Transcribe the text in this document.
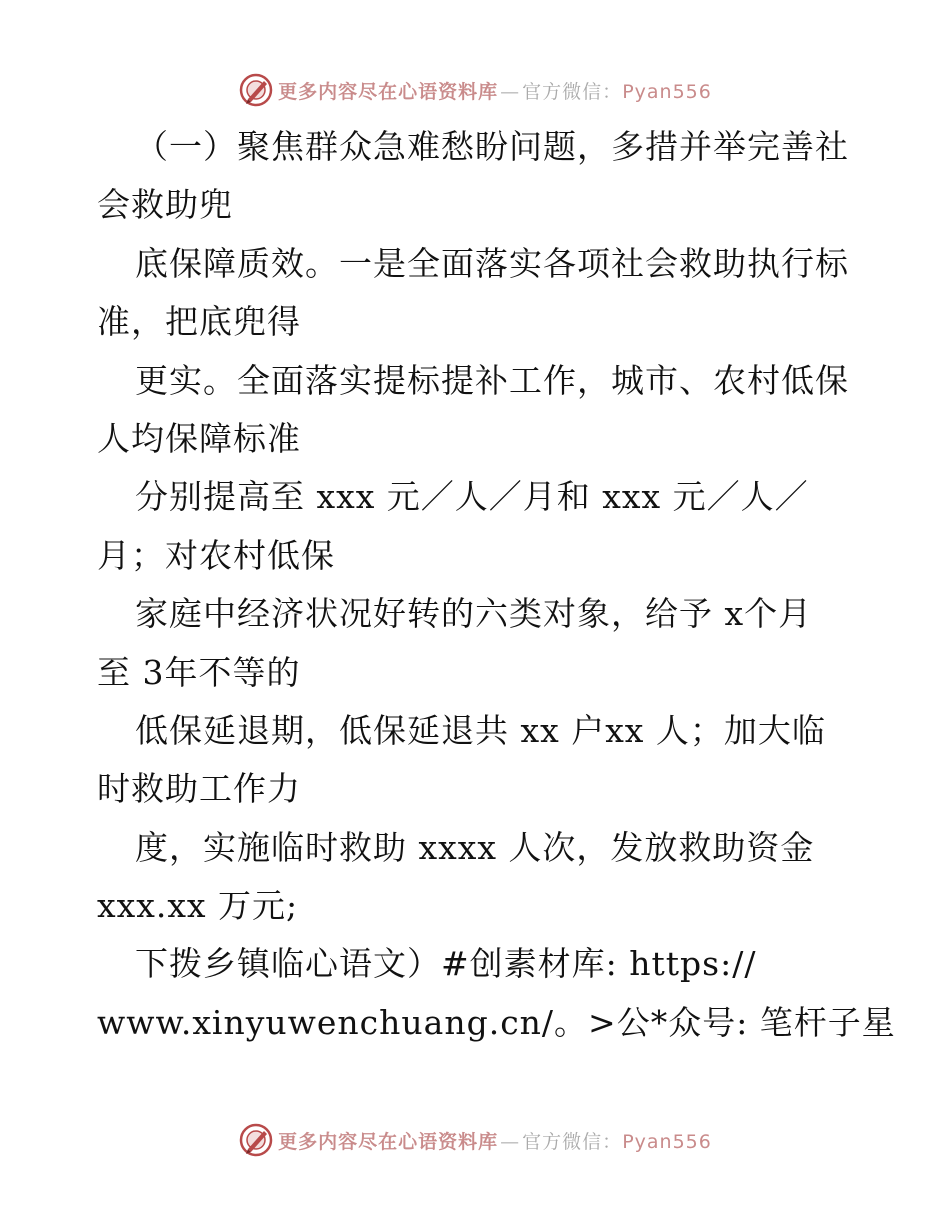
更多内容尽在心语资料库 — 官方微信：Pyan556
（一）聚焦群众急难愁盼问题，多措并举完善社
会救助兜
底保障质效。一是全面落实各项社会救助执行标
准，把底兜得
更实。全面落实提标提补工作，城市、农村低保
人均保障标准
分别提高至 xxx 元／人／月和 xxx 元／人／
月；对农村低保
家庭中经济状况好转的六类对象，给予 x个月
至 3年不等的
低保延退期，低保延退共 xx 户xx 人；加大临
时救助工作力
度，实施临时救助 xxxx 人次，发放救助资金
xxx.xx 万元;
下拨乡镇临心语文）#创素材库: https://
www.xinyuwenchuang.cn/。>公*众号: 笔杆子星
更多内容尽在心语资料库 — 官方微信：Pyan556
